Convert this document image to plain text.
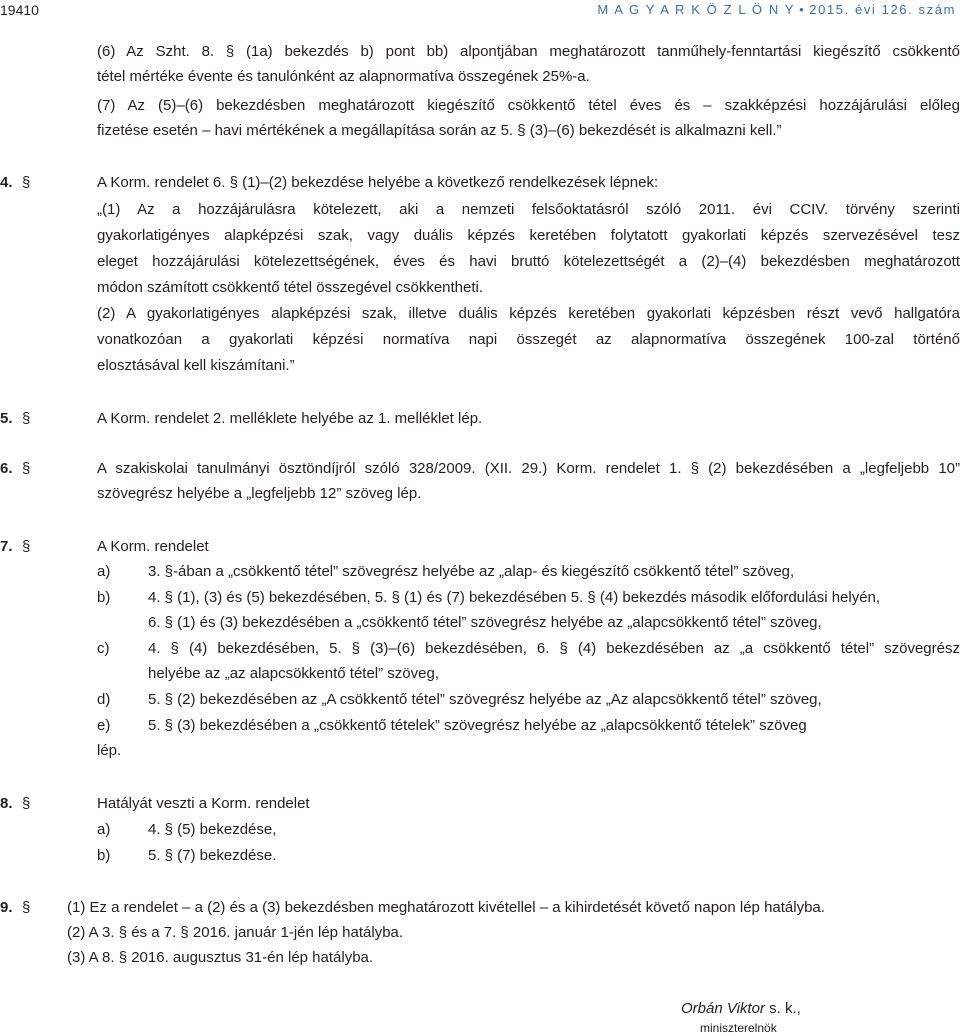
19410	M A G Y A R K Ö Z L Ö N Y • 2015. évi 126. szám
(6) Az Szht. 8. § (1a) bekezdés b) pont bb) alpontjában meghatározott tanműhely-fenntartási kiegészítő csökkentő
tétel mértéke évente és tanulónként az alapnormatíva összegének 25%-a.
(7) Az (5)–(6) bekezdésben meghatározott kiegészítő csökkentő tétel éves és – szakképzési hozzájárulási előleg
fizetése esetén – havi mértékének a megállapítása során az 5. § (3)–(6) bekezdését is alkalmazni kell.”
4. §	A Korm. rendelet 6. § (1)–(2) bekezdése helyébe a következő rendelkezések lépnek:
„(1) Az a hozzájárulásra kötelezett, aki a nemzeti felsőoktatásról szóló 2011. évi CCIV. törvény szerinti
gyakorlatigényes alapképzési szak, vagy duális képzés keretében folytatott gyakorlati képzés szervezésével tesz
eleget hozzájárulási kötelezettségének, éves és havi bruttó kötelezettségét a (2)–(4) bekezdésben meghatározott
módon számított csökkentő tétel összegével csökkentheti.
(2) A gyakorlatigényes alapképzési szak, illetve duális képzés keretében gyakorlati képzésben részt vevő hallgatóra
vonatkozóan a gyakorlati képzési normatíva napi összegét az alapnormatíva összegének 100-zal történő
elosztásával kell kiszámítani.”
5. §	A Korm. rendelet 2. melléklete helyébe az 1. melléklet lép.
6. §	A szakiskolai tanulmányi ösztöndíjról szóló 328/2009. (XII. 29.) Korm. rendelet 1. § (2) bekezdésében a „legfeljebb 10”
szövegrész helyébe a „legfeljebb 12” szöveg lép.
7. §	A Korm. rendelet
a)	3. §-ában a „csökkentő tétel” szövegrész helyébe az „alap- és kiegészítő csökkentő tétel” szöveg,
b)	4. § (1), (3) és (5) bekezdésében, 5. § (1) és (7) bekezdésében 5. § (4) bekezdés második előfordulási helyén,
6. § (1) és (3) bekezdésében a „csökkentő tétel” szövegrész helyébe az „alapcsökkentő tétel” szöveg,
c)	4. § (4) bekezdésében, 5. § (3)–(6) bekezdésében, 6. § (4) bekezdésében az „a csökkentő tétel” szövegrész
helyébe az „az alapcsökkentő tétel” szöveg,
d)	5. § (2) bekezdésében az „A csökkentő tétel” szövegrész helyébe az „Az alapcsökkentő tétel” szöveg,
e)	5. § (3) bekezdésében a „csökkentő tételek” szövegrész helyébe az „alapcsökkentő tételek” szöveg
lép.
8. §	Hatályát veszti a Korm. rendelet
a)	4. § (5) bekezdése,
b)	5. § (7) bekezdése.
9. § (1) Ez a rendelet – a (2) és a (3) bekezdésben meghatározott kivétellel – a kihirdetését követő napon lép hatályba.
(2) A 3. § és a 7. § 2016. január 1-jén lép hatályba.
(3) A 8. § 2016. augusztus 31-én lép hatályba.
Orbán Viktor s. k.,
miniszterelnök
